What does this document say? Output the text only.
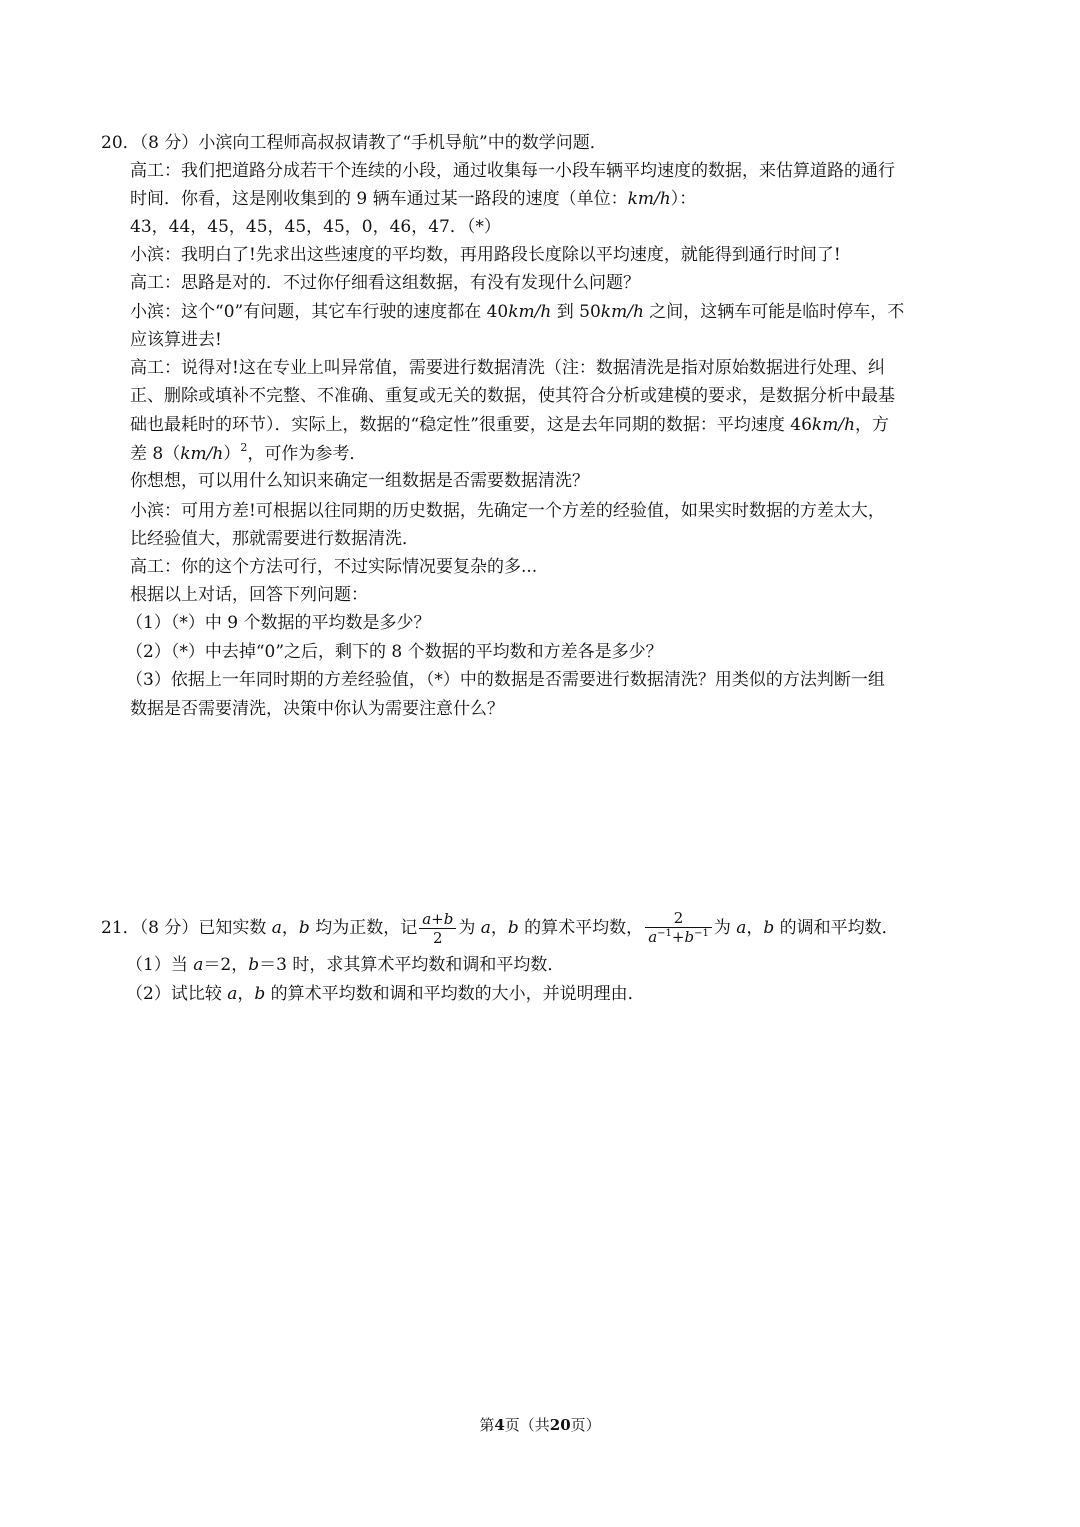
20．（8 分）小滨向工程师高叔叔请教了“手机导航”中的数学问题．
高工：我们把道路分成若干个连续的小段，通过收集每一小段车辆平均速度的数据，来估算道路的通行
时间．你看，这是刚收集到的 9 辆车通过某一路段的速度（单位：km/h）：
43，44，45，45，45，45，0，46，47．（*）
小滨：我明白了!先求出这些速度的平均数，再用路段长度除以平均速度，就能得到通行时间了!
高工：思路是对的．不过你仔细看这组数据，有没有发现什么问题？
小滨：这个“0”有问题，其它车行驶的速度都在 40km/h 到 50km/h 之间，这辆车可能是临时停车，不
应该算进去!
高工：说得对!这在专业上叫异常值，需要进行数据清洗（注：数据清洗是指对原始数据进行处理、纠
正、删除或填补不完整、不准确、重复或无关的数据，使其符合分析或建模的要求，是数据分析中最基
础也最耗时的环节）．实际上，数据的“稳定性”很重要，这是去年同期的数据：平均速度 46km/h，方
差 $8(km/h)^2$，可作为参考．
你想想，可以用什么知识来确定一组数据是否需要数据清洗？
小滨：可用方差!可根据以往同期的历史数据，先确定一个方差的经验值，如果实时数据的方差太大，
比经验值大，那就需要进行数据清洗．
高工：你的这个方法可行，不过实际情况要复杂的多...
根据以上对话，回答下列问题：
（1）（*）中 9 个数据的平均数是多少？
（2）（*）中去掉“0”之后，剩下的 8 个数据的平均数和方差各是多少？
（3）依据上一年同时期的方差经验值，（*）中的数据是否需要进行数据清洗？用类似的方法判断一组
数据是否需要清洗，决策中你认为需要注意什么？
21．（8 分）已知实数 a，b 均为正数，记 $\frac{a+b}{2}$ 为 a，b 的算术平均数， $\frac{2}{a^{-1}+b^{-1}}$ 为 a，b 的调和平均数．
（1）当 a＝2，b＝3 时，求其算术平均数和调和平均数．
（2）试比较 a，b 的算术平均数和调和平均数的大小，并说明理由．
第4页（共20页）
